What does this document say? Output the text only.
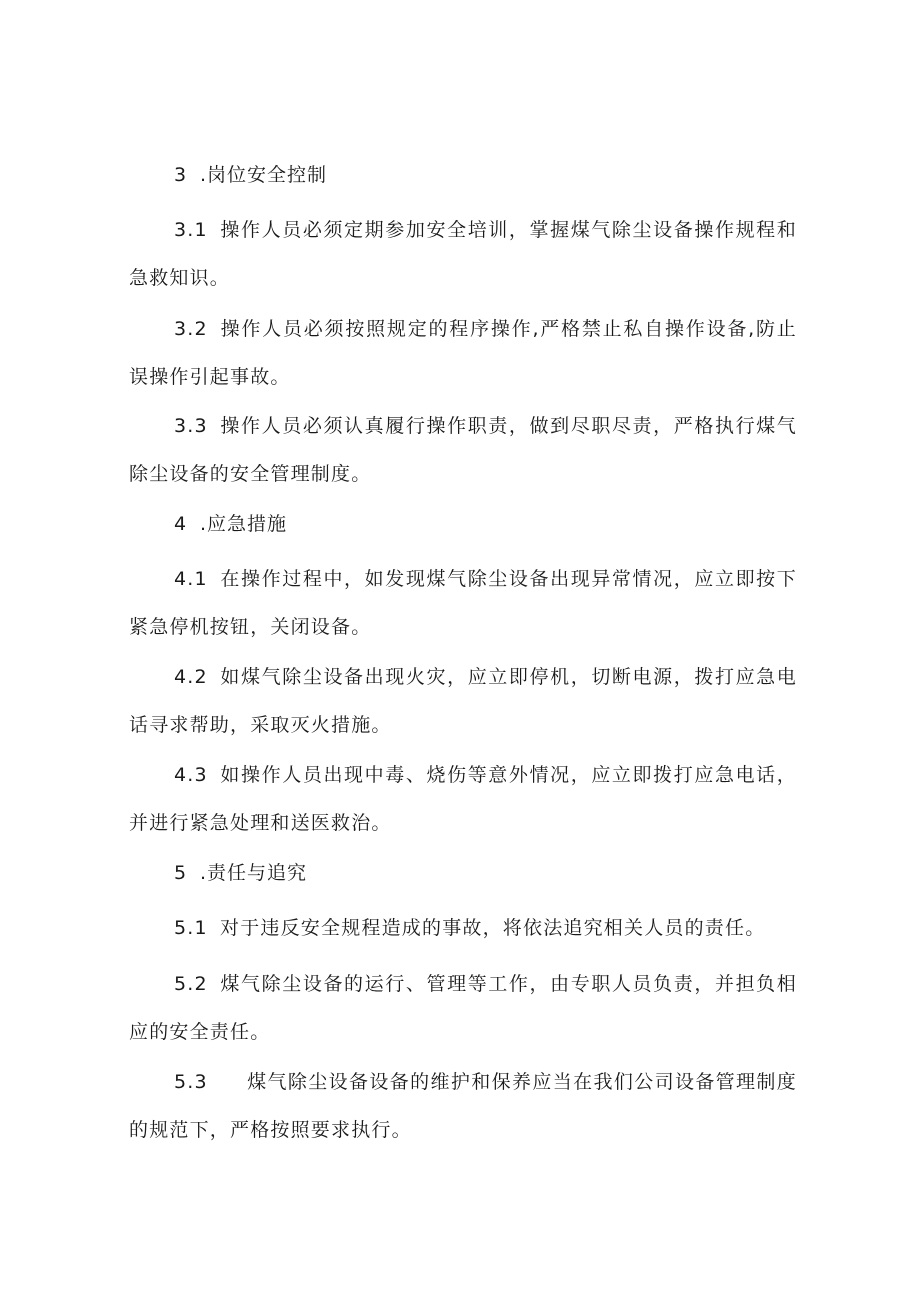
3 .岗位安全控制
3.1 操作人员必须定期参加安全培训，掌握煤气除尘设备操作规程和急救知识。
3.2 操作人员必须按照规定的程序操作,严格禁止私自操作设备,防止误操作引起事故。
3.3 操作人员必须认真履行操作职责，做到尽职尽责，严格执行煤气除尘设备的安全管理制度。
4 .应急措施
4.1 在操作过程中，如发现煤气除尘设备出现异常情况，应立即按下紧急停机按钮，关闭设备。
4.2 如煤气除尘设备出现火灾，应立即停机，切断电源，拨打应急电话寻求帮助，采取灭火措施。
4.3 如操作人员出现中毒、烧伤等意外情况，应立即拨打应急电话，并进行紧急处理和送医救治。
5 .责任与追究
5.1 对于违反安全规程造成的事故，将依法追究相关人员的责任。
5.2 煤气除尘设备的运行、管理等工作，由专职人员负责，并担负相应的安全责任。
5.3 煤气除尘设备设备的维护和保养应当在我们公司设备管理制度的规范下，严格按照要求执行。
